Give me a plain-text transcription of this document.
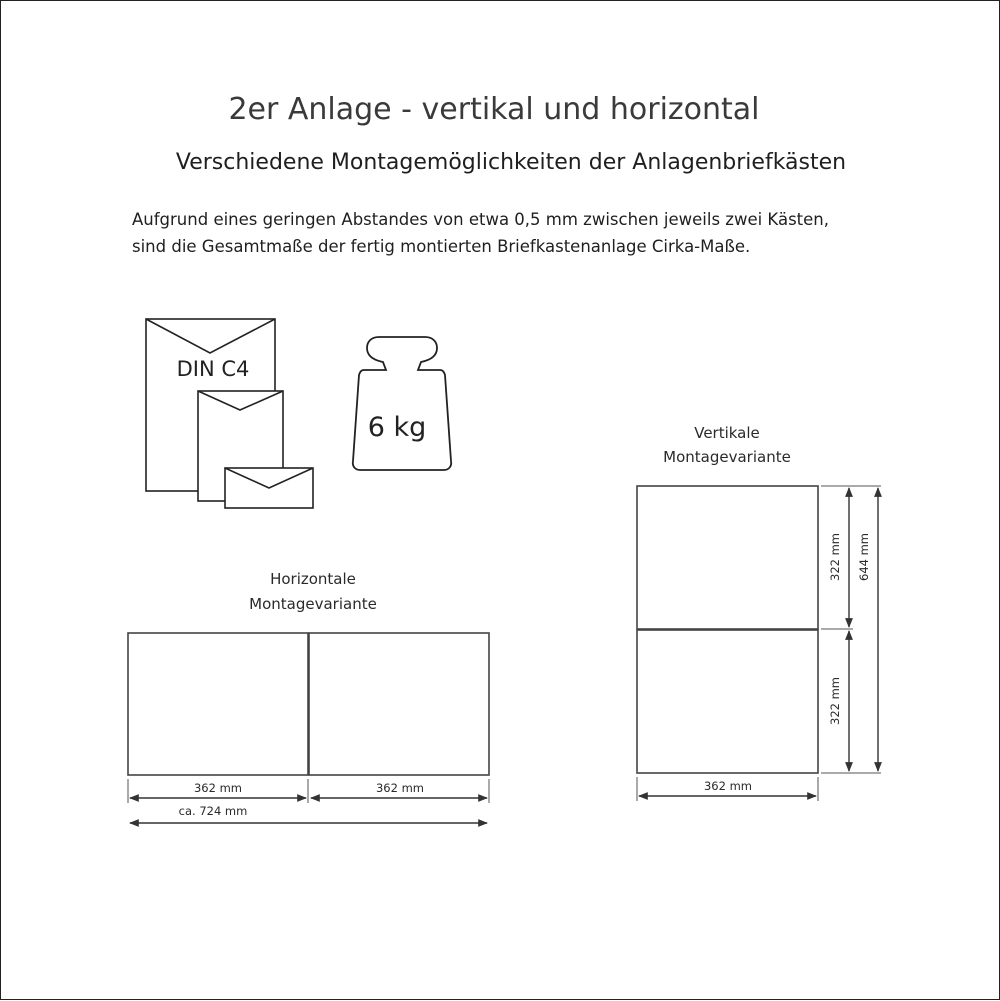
2er Anlage - vertikal und horizontal
Verschiedene Montagemöglichkeiten der Anlagenbriefkästen
Aufgrund eines geringen Abstandes von etwa 0,5 mm zwischen jeweils zwei Kästen,
sind die Gesamtmaße der fertig montierten Briefkastenanlage Cirka-Maße.
DIN C4
6 kg
Horizontale
Montagevariante
362 mm	362 mm
ca. 724 mm
Vertikale
Montagevariante
322 mm
322 mm
644 mm
362 mm
